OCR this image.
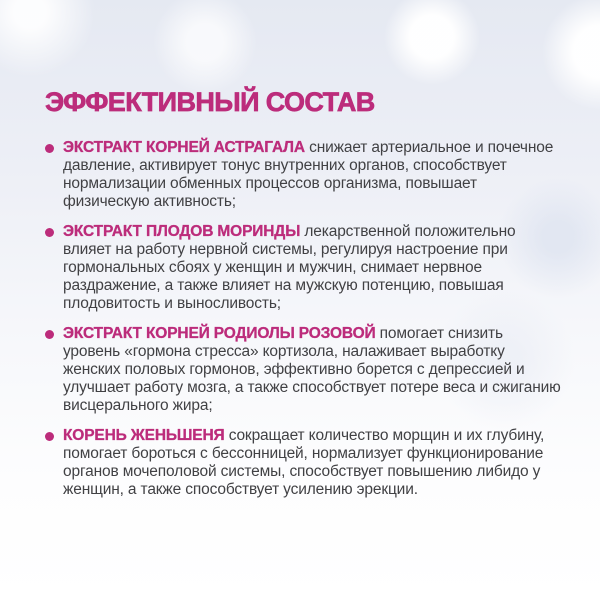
ЭФФЕКТИВНЫЙ СОСТАВ

ЭКСТРАКТ КОРНЕЙ АСТРАГАЛА снижает артериальное и почечное давление, активирует тонус внутренних органов, способствует нормализации обменных процессов организма, повышает физическую активность;

ЭКСТРАКТ ПЛОДОВ МОРИНДЫ лекарственной положительно влияет на работу нервной системы, регулируя настроение при гормональных сбоях у женщин и мужчин, снимает нервное раздражение, а также влияет на мужскую потенцию, повышая плодовитость и выносливость;

ЭКСТРАКТ КОРНЕЙ РОДИОЛЫ РОЗОВОЙ помогает снизить уровень «гормона стресса» кортизола, налаживает выработку женских половых гормонов, эффективно борется с депрессией и улучшает работу мозга, а также способствует потере веса и сжиганию висцерального жира;

КОРЕНЬ ЖЕНЬШЕНЯ сокращает количество морщин и их глубину, помогает бороться с бессонницей, нормализует функционирование органов мочеполовой системы, способствует повышению либидо у женщин, а также способствует усилению эрекции.
